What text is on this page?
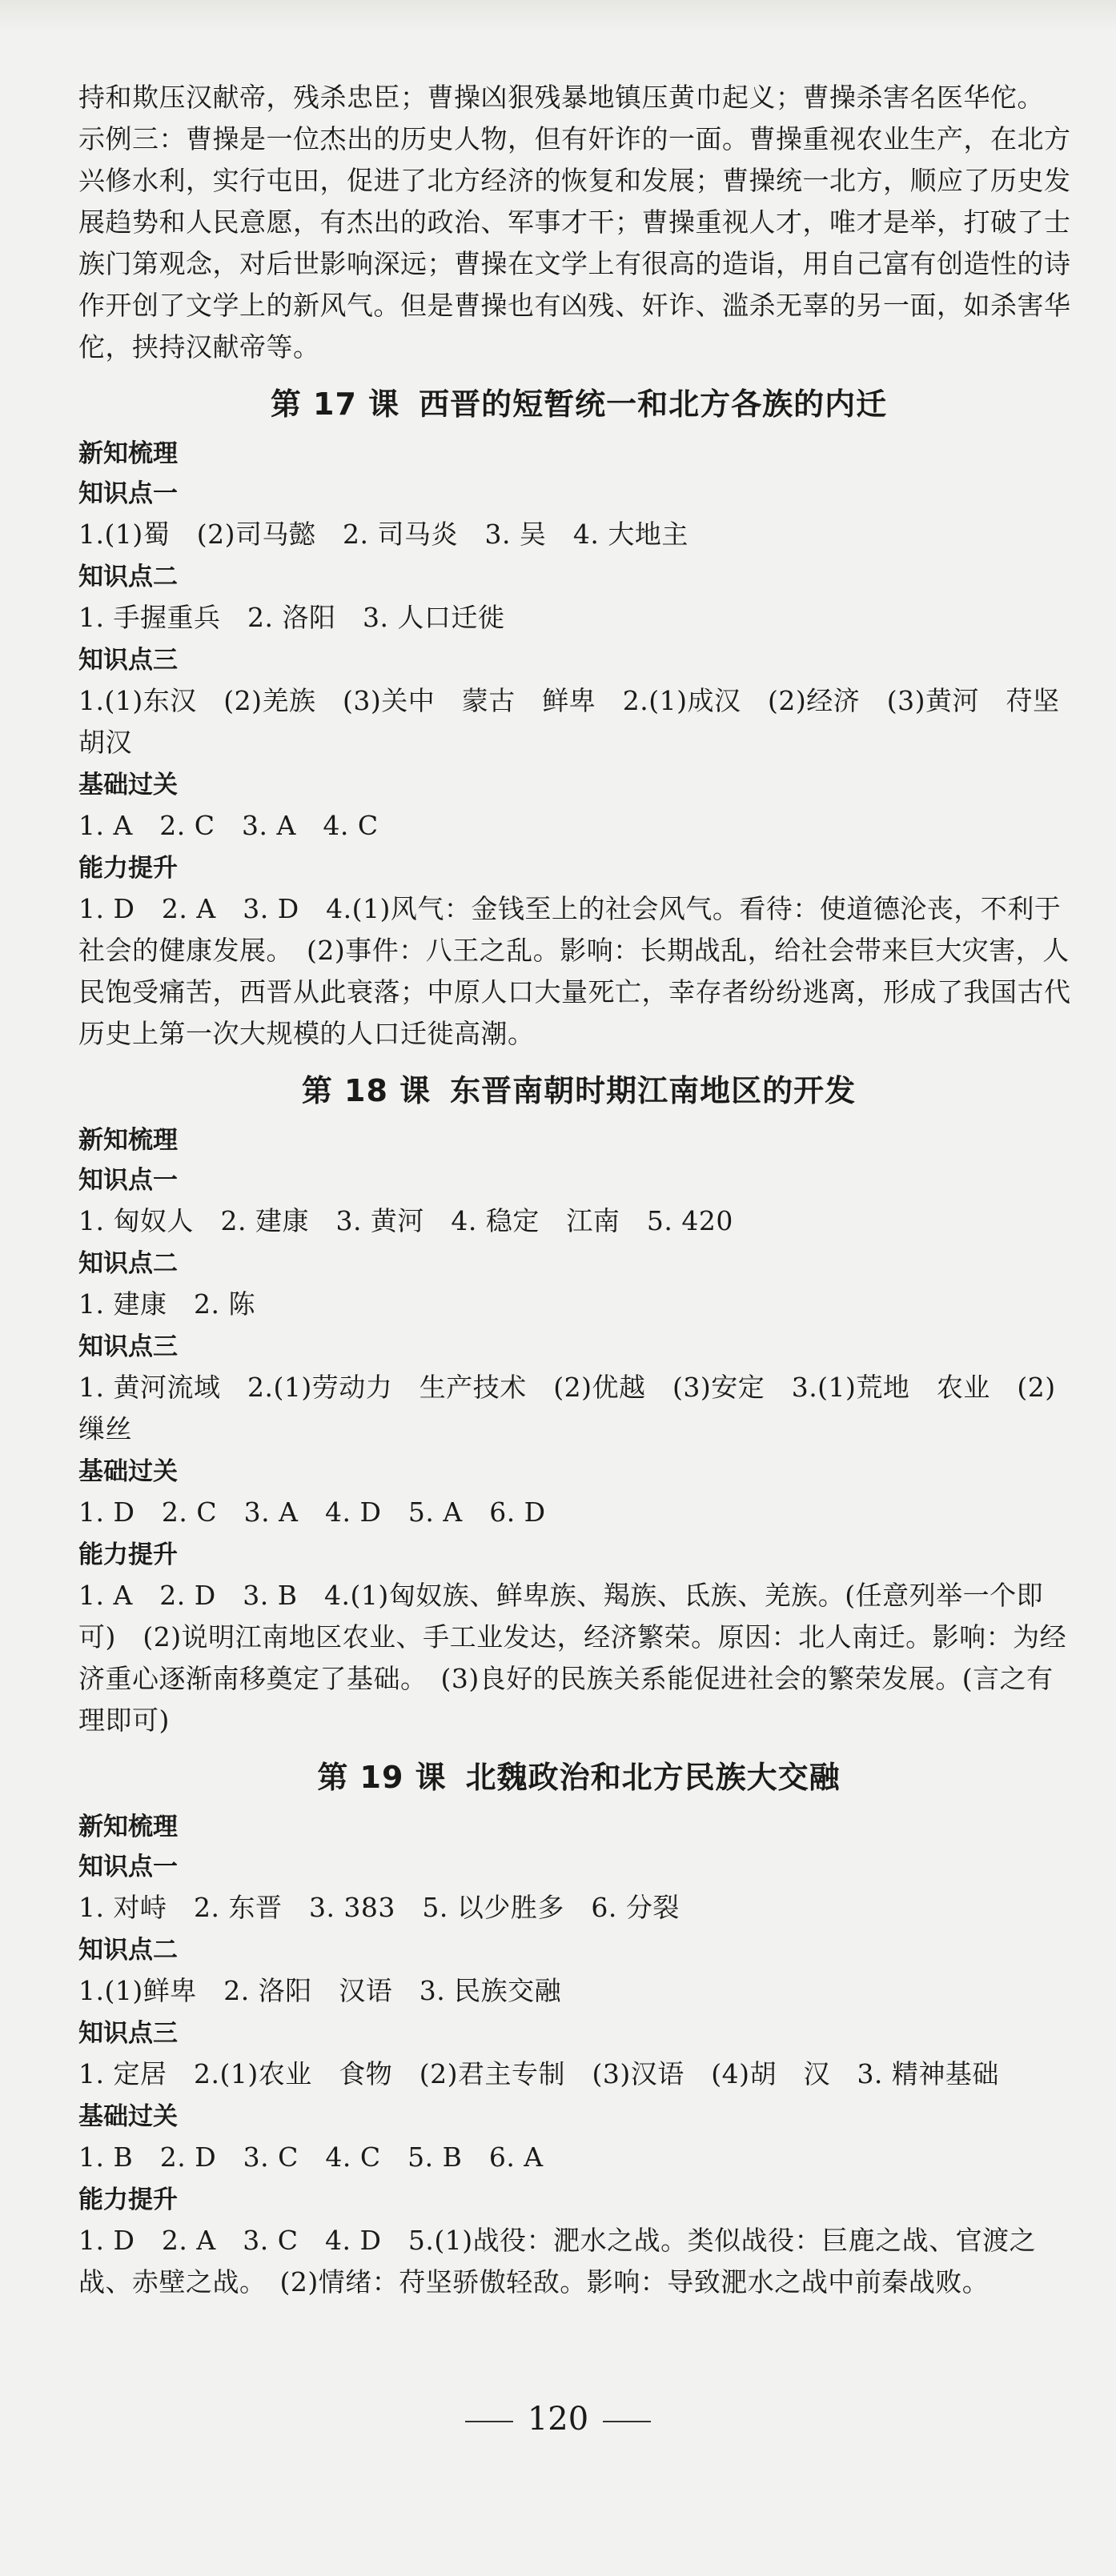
持和欺压汉献帝，残杀忠臣；曹操凶狠残暴地镇压黄巾起义；曹操杀害名医华佗。

示例三：曹操是一位杰出的历史人物，但有奸诈的一面。曹操重视农业生产，在北方兴修水利，实行屯田，促进了北方经济的恢复和发展；曹操统一北方，顺应了历史发展趋势和人民意愿，有杰出的政治、军事才干；曹操重视人才，唯才是举，打破了士族门第观念，对后世影响深远；曹操在文学上有很高的造诣，用自己富有创造性的诗作开创了文学上的新风气。但是曹操也有凶残、奸诈、滥杀无辜的另一面，如杀害华佗，挟持汉献帝等。

第 17 课 西晋的短暂统一和北方各族的内迁
新知梳理
知识点一
1.(1)蜀　(2)司马懿　2. 司马炎　3. 吴　4. 大地主
知识点二
1. 手握重兵　2. 洛阳　3. 人口迁徙
知识点三
1.(1)东汉　(2)羌族　(3)关中　蒙古　鲜卑　2.(1)成汉　(2)经济　(3)黄河　苻坚　胡汉
基础过关
1. A　2. C　3. A　4. C
能力提升
1. D　2. A　3. D　4.(1)风气：金钱至上的社会风气。看待：使道德沦丧，不利于社会的健康发展。　(2)事件：八王之乱。影响：长期战乱，给社会带来巨大灾害，人民饱受痛苦，西晋从此衰落；中原人口大量死亡，幸存者纷纷逃离，形成了我国古代历史上第一次大规模的人口迁徙高潮。
第 18 课 东晋南朝时期江南地区的开发
新知梳理
知识点一
1. 匈奴人　2. 建康　3. 黄河　4. 稳定　江南　5. 420
知识点二
1. 建康　2. 陈
知识点三
1. 黄河流域　2.(1)劳动力　生产技术　(2)优越　(3)安定　3.(1)荒地　农业　(2)缫丝
基础过关
1. D　2. C　3. A　4. D　5. A　6. D
能力提升
1. A　2. D　3. B　4.(1)匈奴族、鲜卑族、羯族、氐族、羌族。(任意列举一个即可)　(2)说明江南地区农业、手工业发达，经济繁荣。原因：北人南迁。影响：为经济重心逐渐南移奠定了基础。　(3)良好的民族关系能促进社会的繁荣发展。(言之有理即可)
第 19 课 北魏政治和北方民族大交融
新知梳理
知识点一
1. 对峙　2. 东晋　3. 383　5. 以少胜多　6. 分裂
知识点二
1.(1)鲜卑　2. 洛阳　汉语　3. 民族交融
知识点三
1. 定居　2.(1)农业　食物　(2)君主专制　(3)汉语　(4)胡　汉　3. 精神基础
基础过关
1. B　2. D　3. C　4. C　5. B　6. A
能力提升
1. D　2. A　3. C　4. D　5.(1)战役：淝水之战。类似战役：巨鹿之战、官渡之战、赤壁之战。　(2)情绪：苻坚骄傲轻敌。影响：导致淝水之战中前秦战败。
120
